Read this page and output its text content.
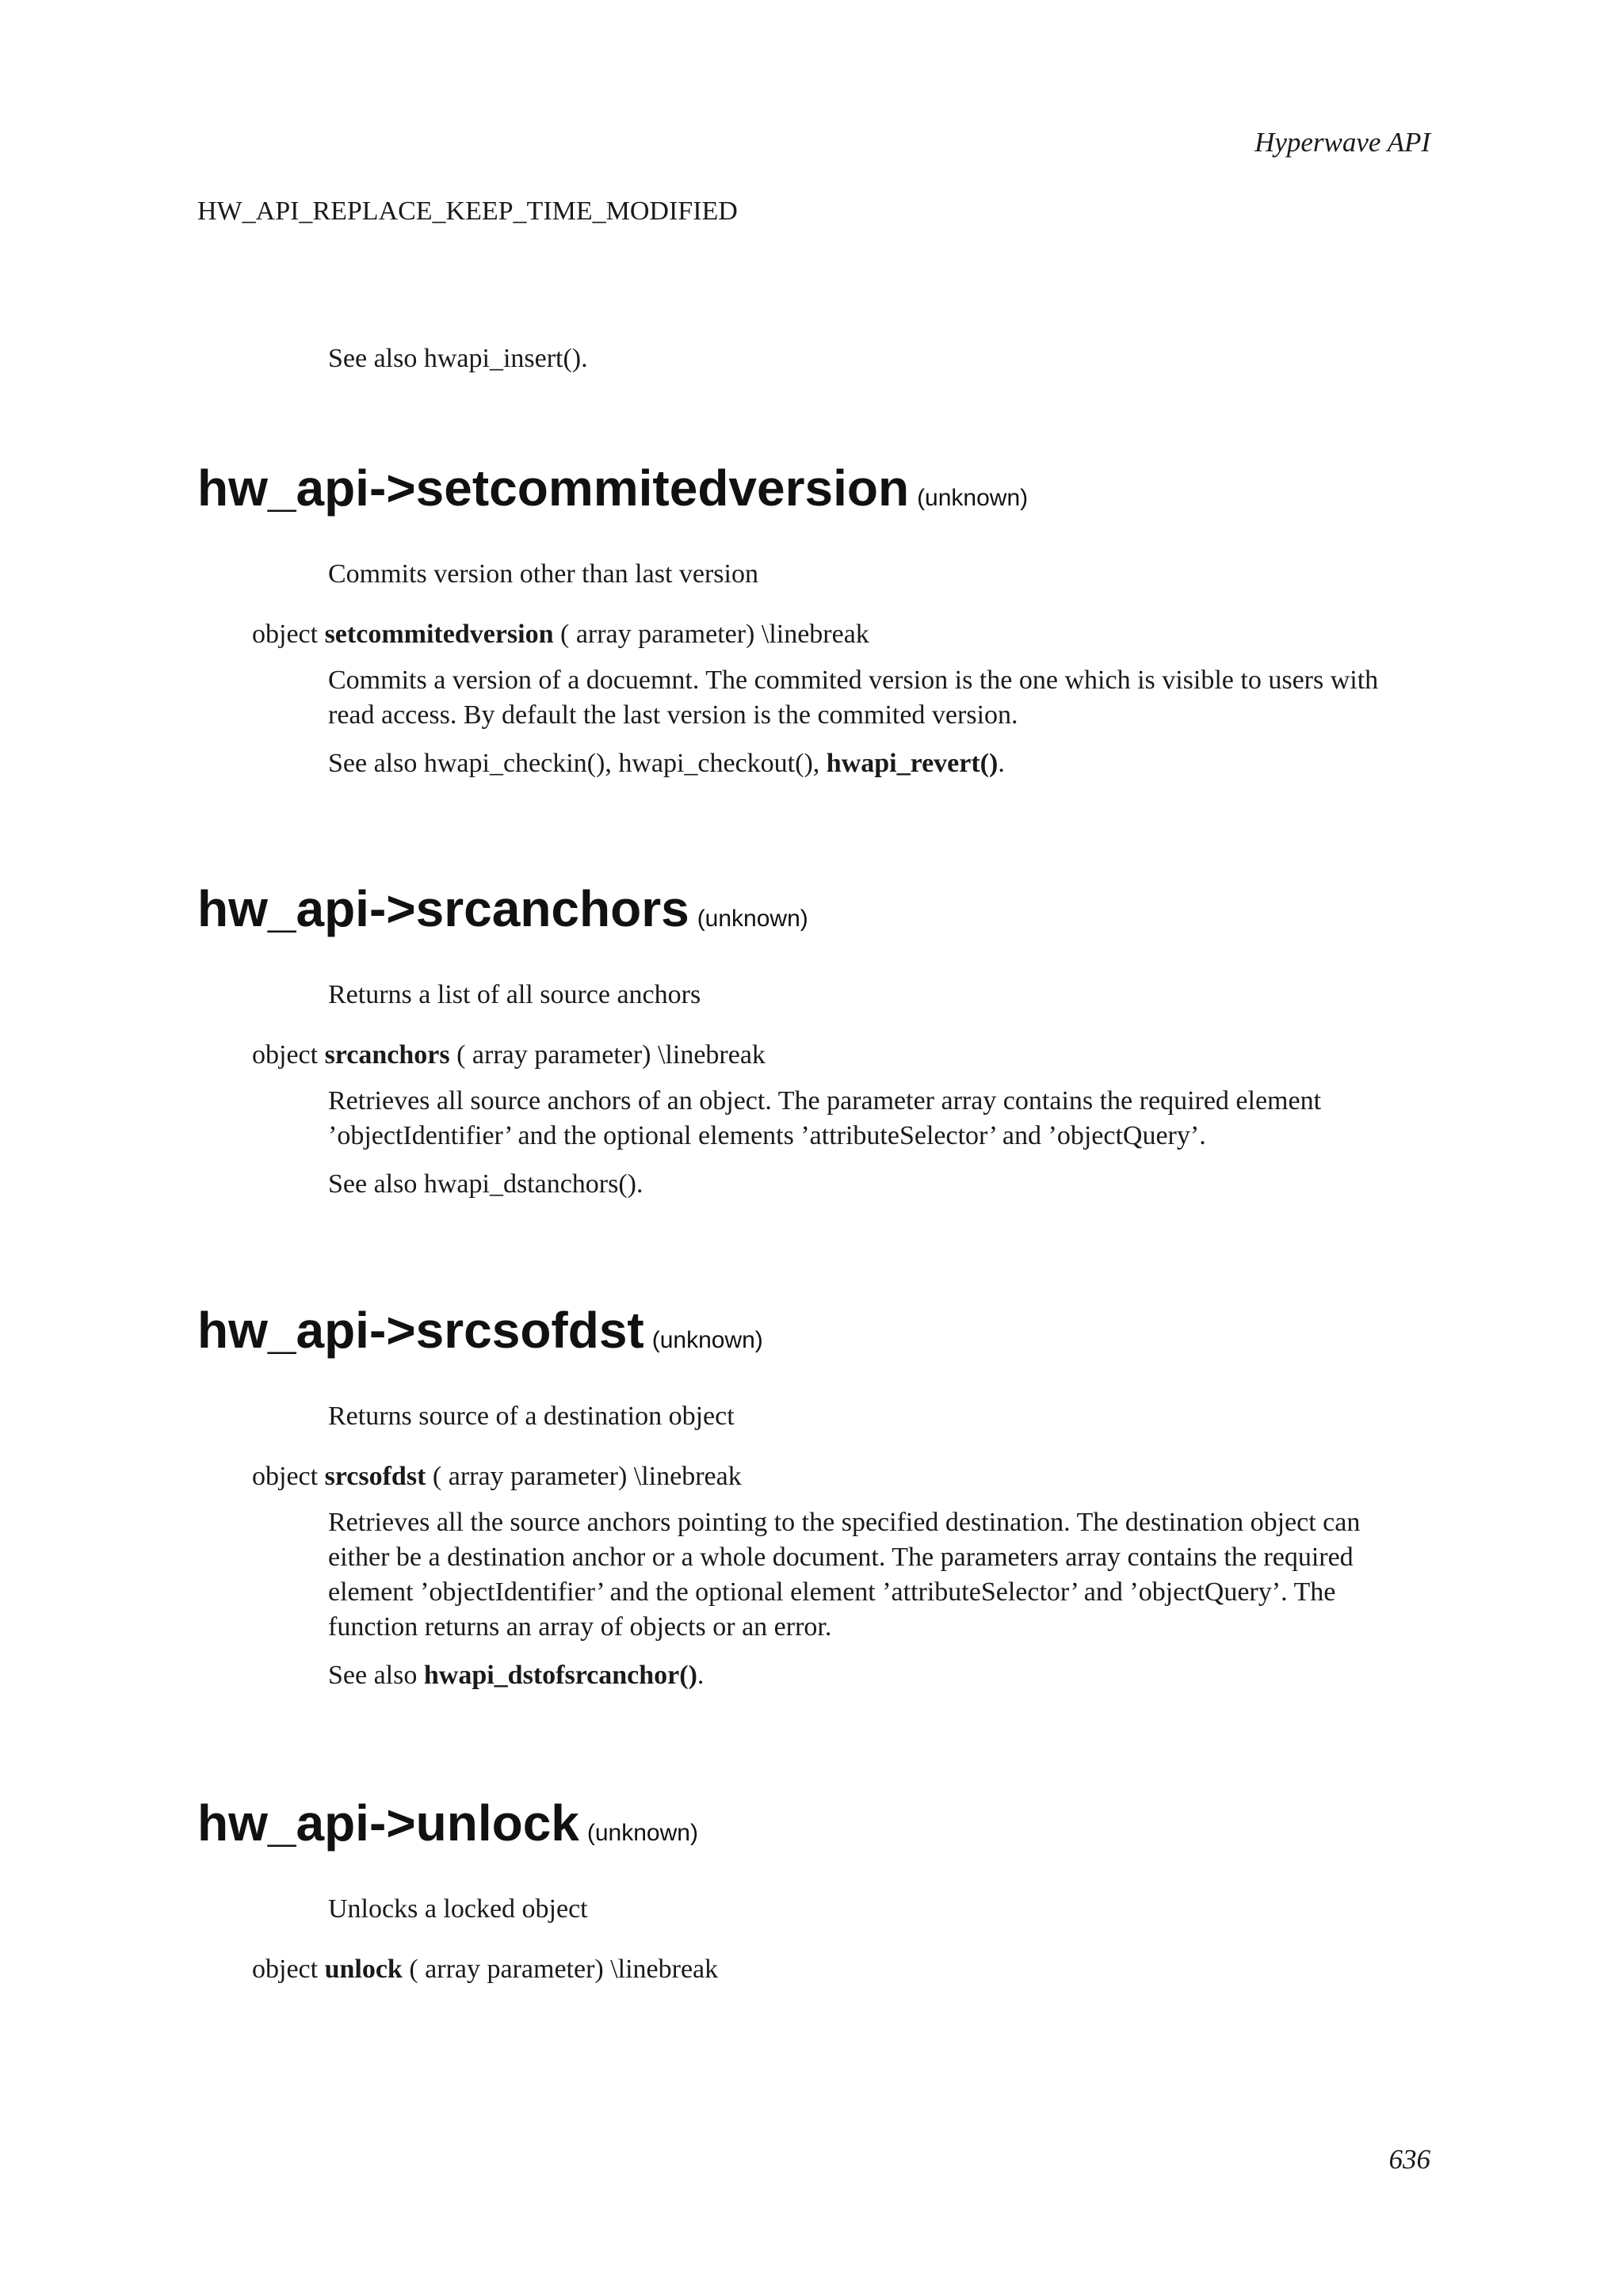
Hyperwave API
HW_API_REPLACE_KEEP_TIME_MODIFIED
See also hwapi_insert().
hw_api->setcommitedversion (unknown)
Commits version other than last version
object setcommitedversion ( array parameter) \linebreak

Commits a version of a docuemnt. The commited version is the one which is visible to users with read access. By default the last version is the commited version.

See also hwapi_checkin(), hwapi_checkout(), hwapi_revert().

hw_api->srcanchors (unknown)
Returns a list of all source anchors
object srcanchors ( array parameter) \linebreak

Retrieves all source anchors of an object. The parameter array contains the required element ’objectIdentifier’ and the optional elements ’attributeSelector’ and ’objectQuery’.

See also hwapi_dstanchors().

hw_api->srcsofdst (unknown)
Returns source of a destination object
object srcsofdst ( array parameter) \linebreak

Retrieves all the source anchors pointing to the specified destination. The destination object can either be a destination anchor or a whole document. The parameters array contains the required element ’objectIdentifier’ and the optional element ’attributeSelector’ and ’objectQuery’. The function returns an array of objects or an error.

See also hwapi_dstofsrcanchor().

hw_api->unlock (unknown)
Unlocks a locked object
object unlock ( array parameter) \linebreak
636
